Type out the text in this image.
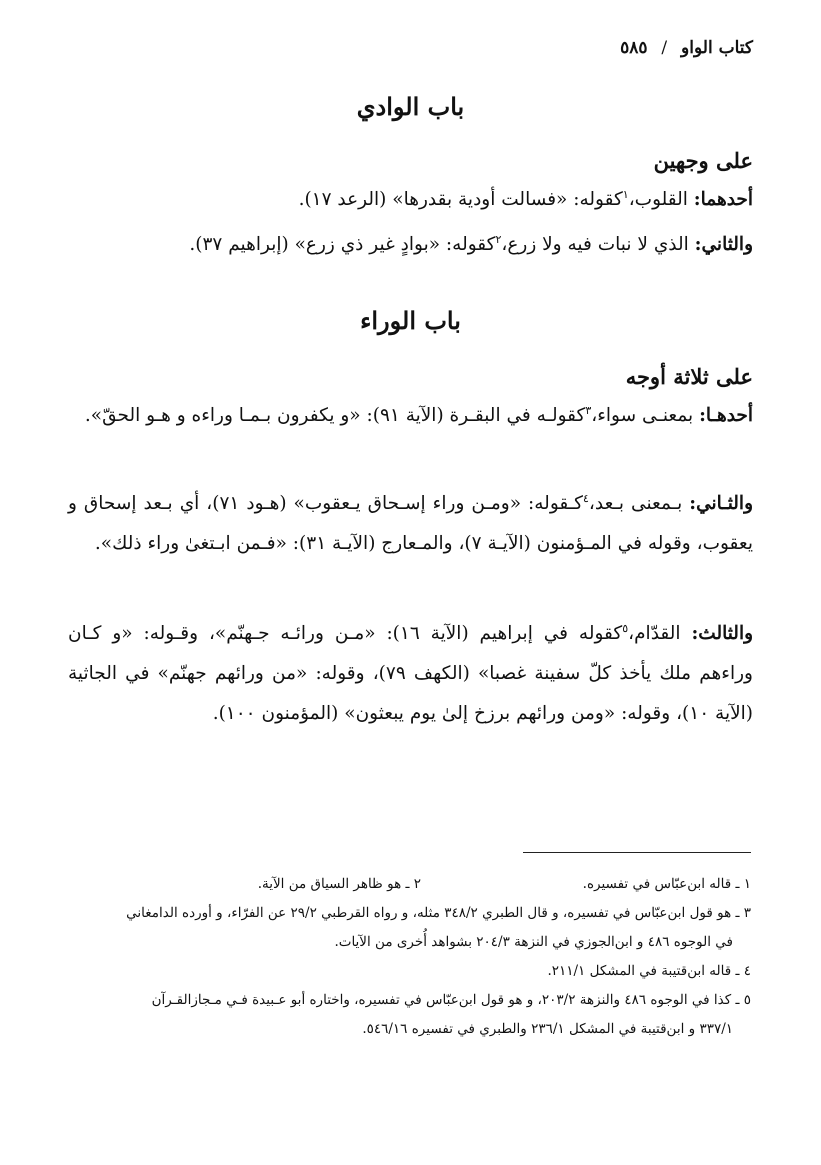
كتاب الواو / ٥٨٥
باب الوادي
على وجهين
أحدهما: القلوب،$^١$كقوله: «فسالت أودية بقدرها» (الرعد ١٧).
والثاني: الذي لا نبات فيه ولا زرع،$^٢$كقوله: «بوادٍ غير ذي زرع» (إبراهيم ٣٧).
باب الوراء
على ثلاثة أوجه
أحدهـا: بمعنـى سواء،$^٣$كقولـه في البقـرة (الآية ٩١): «و يكفرون بـمـا وراءه و هـو الحقّ».
والثـاني: بـمعنى بـعد،$^٤$كـقوله: «ومـن وراء إسـحاق يـعقوب» (هـود ٧١)، أي بـعد إسحاق و يعقوب، وقوله في المـؤمنون (الآيـة ٧)، والمـعارج (الآيـة ٣١): «فـمن ابـتغىٰ وراء ذلك».
والثالث: القدّام،$^٥$كقوله في إبراهيم (الآية ١٦): «مـن ورائـه جـهنّم»، وقـوله: «و كـان وراءهم ملك يأخذ كلّ سفينة غصبا» (الكهف ٧٩)، وقوله: «من ورائهم جهنّم» في الجاثية (الآية ١٠)، وقوله: «ومن ورائهم برزخ إلىٰ يوم يبعثون» (المؤمنون ١٠٠).
١ ـ قاله ابن‌عبّاس في تفسيره.
٢ ـ هو ظاهر السياق من الآية.
٣ ـ هو قول ابن‌عبّاس في تفسيره، و قال الطبري ٣٤٨/٢ مثله، و رواه القرطبي ٢٩/٢ عن الفرّاء، و أورده الدامغاني
في الوجوه ٤٨٦ و ابن‌الجوزي في النزهة ٢٠٤/٣ بشواهد أُخرى من الآيات.
٤ ـ قاله ابن‌قتيبة في المشكل ٢١١/١.
٥ ـ كذا في الوجوه ٤٨٦ والنزهة ٢٠٣/٢، و هو قول ابن‌عبّاس في تفسيره، واختاره أبو عـبيدة فـي مـجازالقـرآن
٣٣٧/١ و ابن‌قتيبة في المشكل ٢٣٦/١ والطبري في تفسيره ٥٤٦/١٦.
